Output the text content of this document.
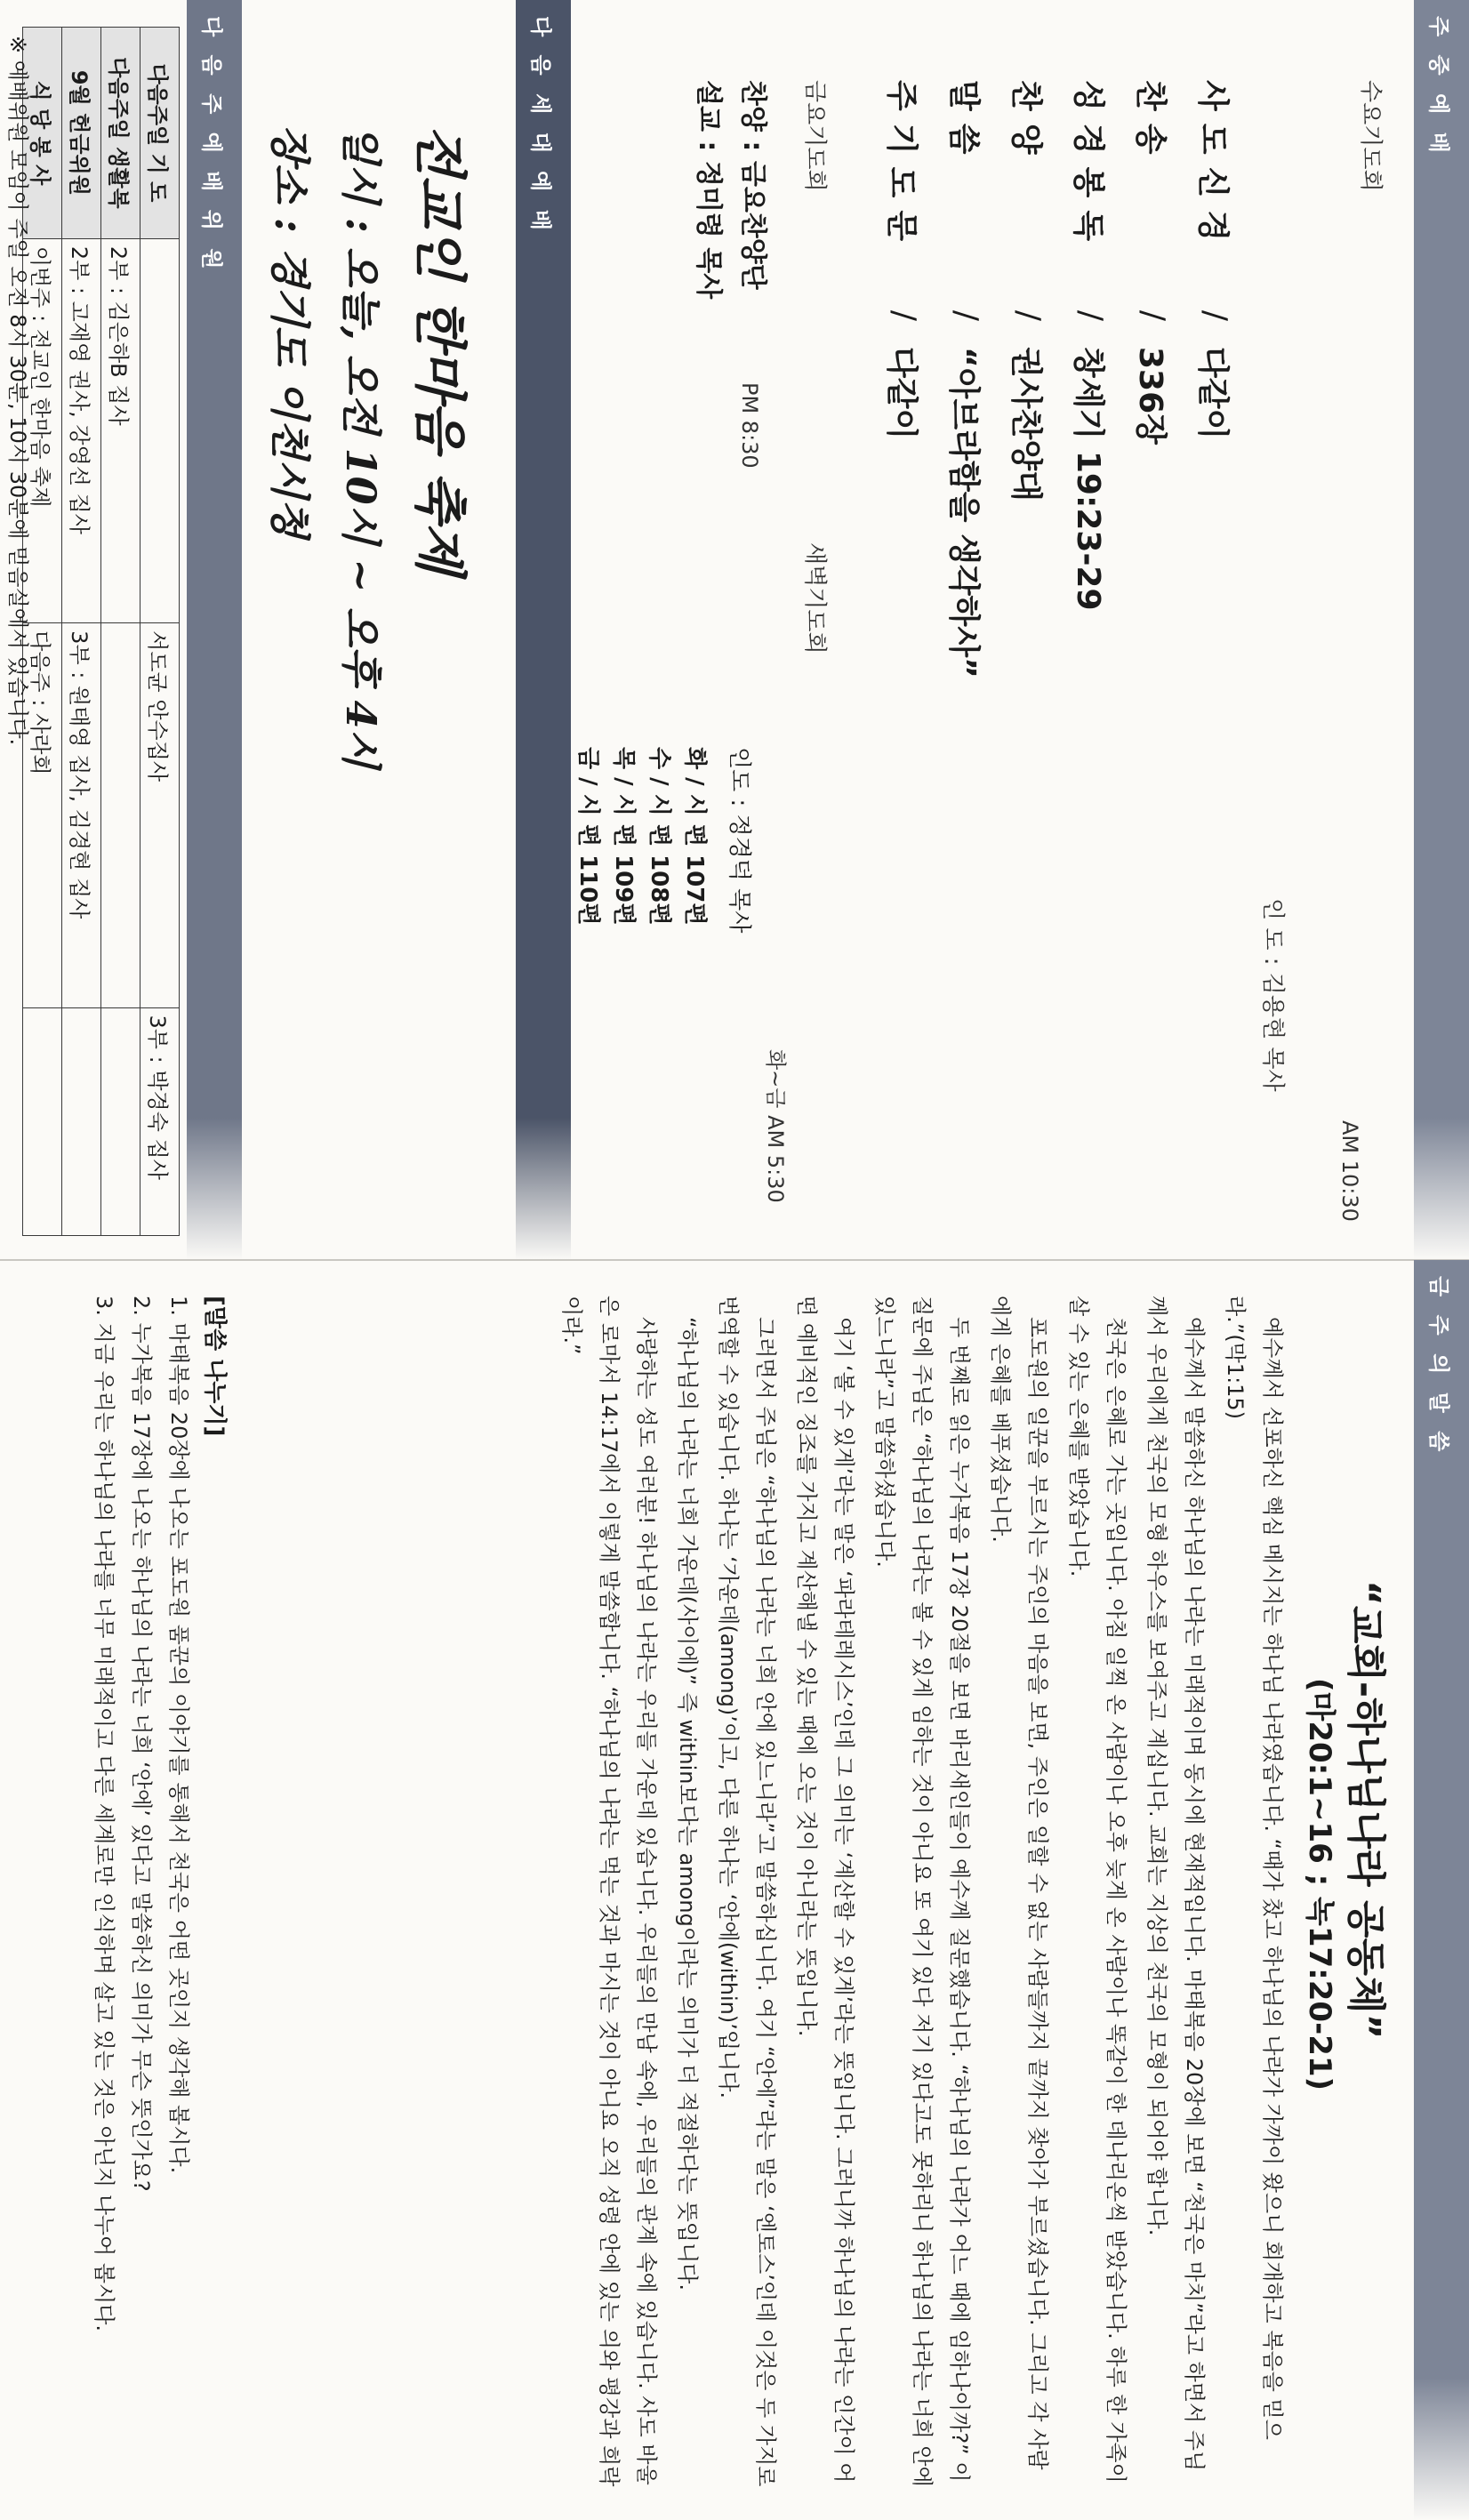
주 중 예 배
수요기도회
AM 10:30
인 도 : 김용현 목사
사도신경
/
다같이
찬송
/
336장
성경봉독
/
창세기 19:23-29
찬양
/
권사찬양대
말씀
/
“아브라함을 생각하사”
주기도문
/
다같이
금요기도회
PM 8:30
찬양 : 금요찬양단
설교 : 정미령 목사
새벽기도회
화~금 AM 5:30
인도 : 정경덕 목사
화 / 시 편 107편
수 / 시 편 108편
목 / 시 편 109편
금 / 시 편 110편
다 음 세 대 예 배
전교인 한마음 축제
일시 : 오늘, 오전 10시 ~ 오후 4시
장소 : 경기도 이천시청
다 음 주 예 배 위 원
다음주일 기 도		서도균 안수집사	3부 : 박경숙 집사
다음주일 생활복	2부 : 김은하B 집사		
9월 헌금위원	2부 : 고재영 권사, 강영선 집사	3부 : 원태영 집사, 김경현 집사	
식 당 봉 사	이번주 : 전교인 한마음 축제	다음주 : 사라회	
※ 예배위원 모임이 주일 오전 8시 30분, 10시 30분에 믿음실에서 있습니다.
금 주 의 말 씀
“교회-하나님나라 공동체”
(마20:1~16 ; 녹17:20-21)
예수께서 선포하신 핵심 메시지는 하나님 나라였습니다. “때가 찼고 하나님의 나라가 가까이 왔으니 회개하고 복음을 믿으라.”(막1:15)
예수께서 말씀하신 하나님의 나라는 미래적이며 동시에 현재적입니다. 마태복음 20장에 보면 “천국은 마치”라고 하면서 주님께서 우리에게 천국의 모형 하우스를 보여주고 계십니다. 교회는 지상의 천국의 모형이 되어야 합니다.
천국은 은혜로 가는 곳입니다. 아침 일찍 온 사람이나 오후 늦게 온 사람이나 똑같이 한 데나리온씩 받았습니다. 하루 한 가족이 살 수 있는 은혜를 받았습니다.
포도원의 일꾼을 부르시는 주인의 마음을 보면, 주인은 일할 수 없는 사람들까지 끝까지 찾아가 부르셨습니다. 그리고 각 사람에게 은혜를 베푸셨습니다.
두 번째로 읽은 누가복음 17장 20절을 보면 바리새인들이 예수께 질문했습니다. “하나님의 나라가 어느 때에 임하나이까?” 이 질문에 주님은 “하나님의 나라는 볼 수 있게 임하는 것이 아니요 또 여기 있다 저기 있다고도 못하리니 하나님의 나라는 너희 안에 있느니라”고 말씀하셨습니다.
여기 ‘볼 수 있게’라는 말은 ‘파라테레시스’인데 그 의미는 ‘계산할 수 있게’라는 뜻입니다. 그러니까 하나님의 나라는 인간이 어떤 예비적인 징조를 가지고 계산해낼 수 있는 때에 오는 것이 아니라는 뜻입니다.
그러면서 주님은 “하나님의 나라는 너희 안에 있느니라”고 말씀하십니다. 여기 “안에”라는 말은 ‘엔토스’인데 이것은 두 가지로 번역할 수 있습니다. 하나는 ‘가운데(among)’이고, 다른 하나는 ‘안에(within)’입니다.
“하나님의 나라는 너희 가운데(사이에)” 즉 within보다는 among이라는 의미가 더 적절하다는 뜻입니다.
사랑하는 성도 여러분! 하나님의 나라는 우리들 가운데 있습니다. 우리들의 만남 속에, 우리들의 관계 속에 있습니다. 사도 바울은 로마서 14:17에서 이렇게 말씀합니다. “하나님의 나라는 먹는 것과 마시는 것이 아니요 오직 성령 안에 있는 의와 평강과 희락이라.”
[말씀 나누기]
1. 마태복음 20장에 나오는 포도원 품꾼의 이야기를 통해서 천국은 어떤 곳인지 생각해 봅시다.
2. 누가복음 17장에 나오는 하나님의 나라는 너희 ‘안에’ 있다고 말씀하신 의미가 무슨 뜻인가요?
3. 지금 우리는 하나님의 나라를 너무 미래적이고 다른 세계로만 인식하며 살고 있는 것은 아닌지 나누어 봅시다.
